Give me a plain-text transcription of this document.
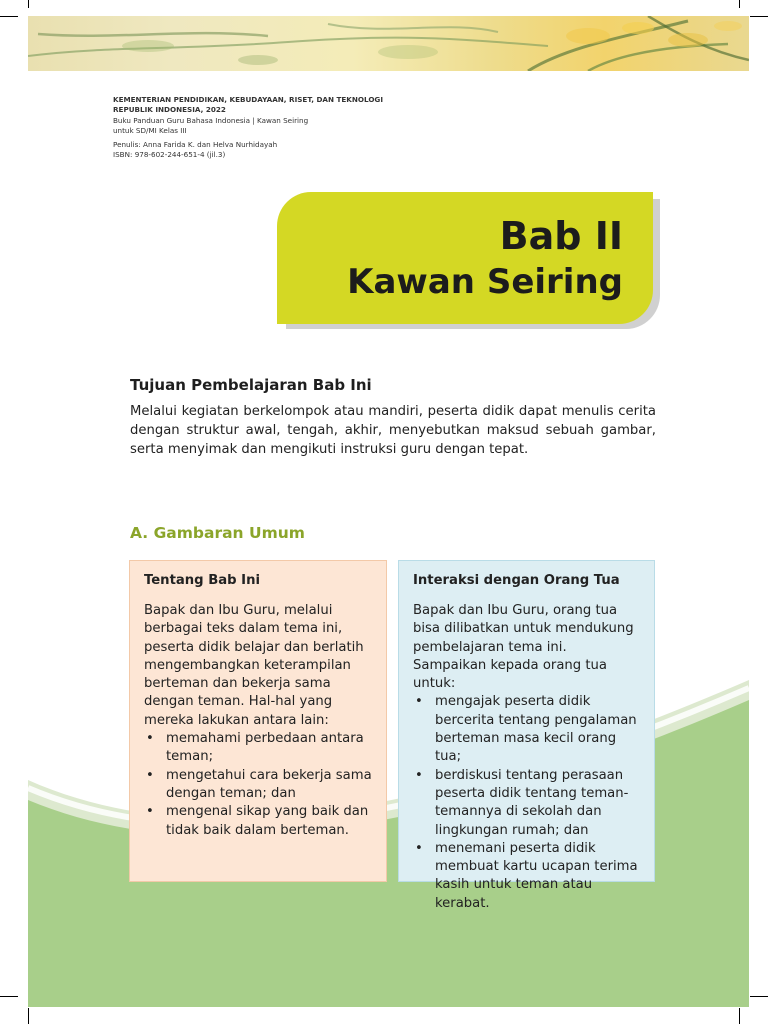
KEMENTERIAN PENDIDIKAN, KEBUDAYAAN, RISET, DAN TEKNOLOGI
REPUBLIK INDONESIA, 2022
Buku Panduan Guru Bahasa Indonesia | Kawan Seiring
untuk SD/MI Kelas III
Penulis: Anna Farida K. dan Helva Nurhidayah
ISBN: 978-602-244-651-4 (jil.3)
Bab II
Kawan Seiring
Tujuan Pembelajaran Bab Ini
Melalui kegiatan berkelompok atau mandiri, peserta didik dapat menulis cerita dengan struktur awal, tengah, akhir, menyebutkan maksud sebuah gambar, serta menyimak dan mengikuti instruksi guru dengan tepat.
A. Gambaran Umum
Tentang Bab Ini

Bapak dan Ibu Guru, melalui berbagai teks dalam tema ini, peserta didik belajar dan berlatih mengembangkan keterampilan berteman dan bekerja sama dengan teman. Hal-hal yang mereka lakukan antara lain:

• memahami perbedaan antara teman;
• mengetahui cara bekerja sama dengan teman; dan
• mengenal sikap yang baik dan tidak baik dalam berteman.
Interaksi dengan Orang Tua

Bapak dan Ibu Guru, orang tua bisa dilibatkan untuk mendukung pembelajaran tema ini. Sampaikan kepada orang tua untuk:

• mengajak peserta didik bercerita tentang pengalaman berteman masa kecil orang tua;
• berdiskusi tentang perasaan peserta didik tentang teman-temannya di sekolah dan lingkungan rumah; dan
• menemani peserta didik membuat kartu ucapan terima kasih untuk teman atau kerabat.
